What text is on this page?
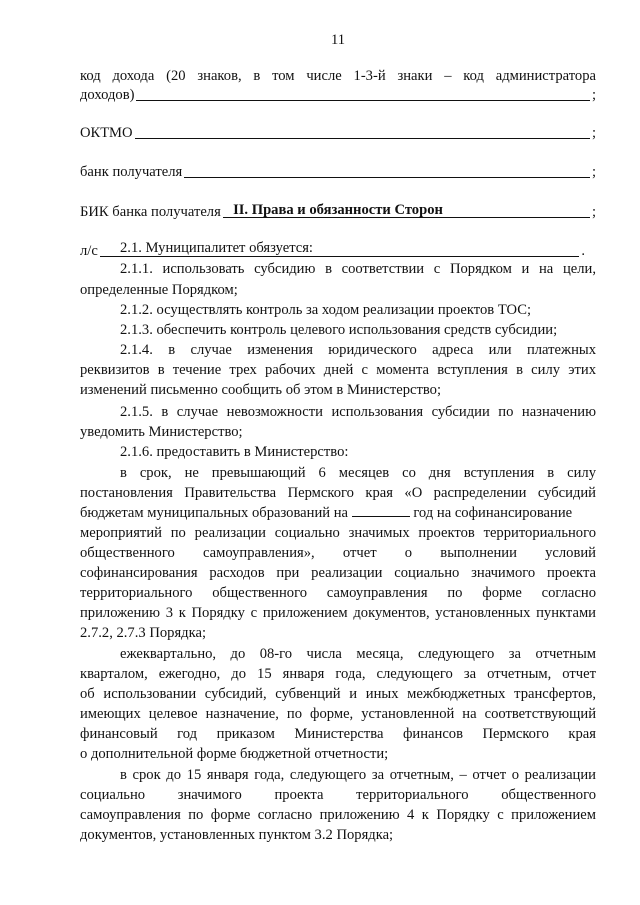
11
код дохода (20 знаков, в том числе 1-3-й знаки – код администратора
доходов)	;
ОКТМО	;
банк получателя	;
БИК банка получателя	;
л/с	.
II. Права и обязанности Сторон
2.1. Муниципалитет обязуется:
2.1.1. использовать субсидию в соответствии с Порядком и на цели,
определенные Порядком;
2.1.2. осуществлять контроль за ходом реализации проектов ТОС;
2.1.3. обеспечить контроль целевого использования средств субсидии;
2.1.4. в случае изменения юридического адреса или платежных
реквизитов в течение трех рабочих дней с момента вступления в силу этих
изменений письменно сообщить об этом в Министерство;
2.1.5. в случае невозможности использования субсидии по назначению
уведомить Министерство;
2.1.6. предоставить в Министерство:
в срок, не превышающий 6 месяцев со дня вступления в силу
постановления Правительства Пермского края «О распределении субсидий
бюджетам муниципальных образований на	год на софинансирование
мероприятий по реализации социально значимых проектов территориального
общественного самоуправления», отчет о выполнении условий
софинансирования расходов при реализации социально значимого проекта
территориального общественного самоуправления по форме согласно
приложению 3 к Порядку с приложением документов, установленных пунктами
2.7.2, 2.7.3 Порядка;
ежеквартально, до 08-го числа месяца, следующего за отчетным
кварталом, ежегодно, до 15 января года, следующего за отчетным, отчет
об использовании субсидий, субвенций и иных межбюджетных трансфертов,
имеющих целевое назначение, по форме, установленной на соответствующий
финансовый год приказом Министерства финансов Пермского края
о дополнительной форме бюджетной отчетности;
в срок до 15 января года, следующего за отчетным, – отчет о реализации
социально значимого проекта территориального общественного
самоуправления по форме согласно приложению 4 к Порядку с приложением
документов, установленных пунктом 3.2 Порядка;
